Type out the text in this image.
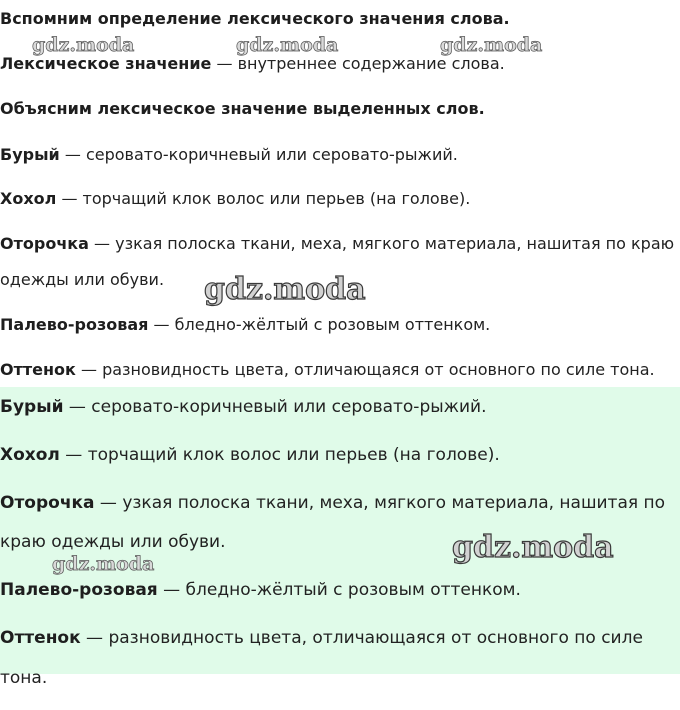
Вспомним определение лексического значения слова.

Лексическое значение — внутреннее содержание слова.

Объясним лексическое значение выделенных слов.

Бурый — серовато-коричневый или серовато-рыжий.

Хохол — торчащий клок волос или перьев (на голове).

Оторочка — узкая полоска ткани, меха, мягкого материала, нашитая по краю

одежды или обуви.

Палево-розовая — бледно-жёлтый с розовым оттенком.

Оттенок — разновидность цвета, отличающаяся от основного по силе тона.

Бурый — серовато-коричневый или серовато-рыжий.

Хохол — торчащий клок волос или перьев (на голове).

Оторочка — узкая полоска ткани, меха, мягкого материала, нашитая по

краю одежды или обуви.

Палево-розовая — бледно-жёлтый с розовым оттенком.

Оттенок — разновидность цвета, отличающаяся от основного по силе

тона.

gdz.moda	gdz.moda	gdz.moda
gdz.moda
gdz.moda
gdz.moda
